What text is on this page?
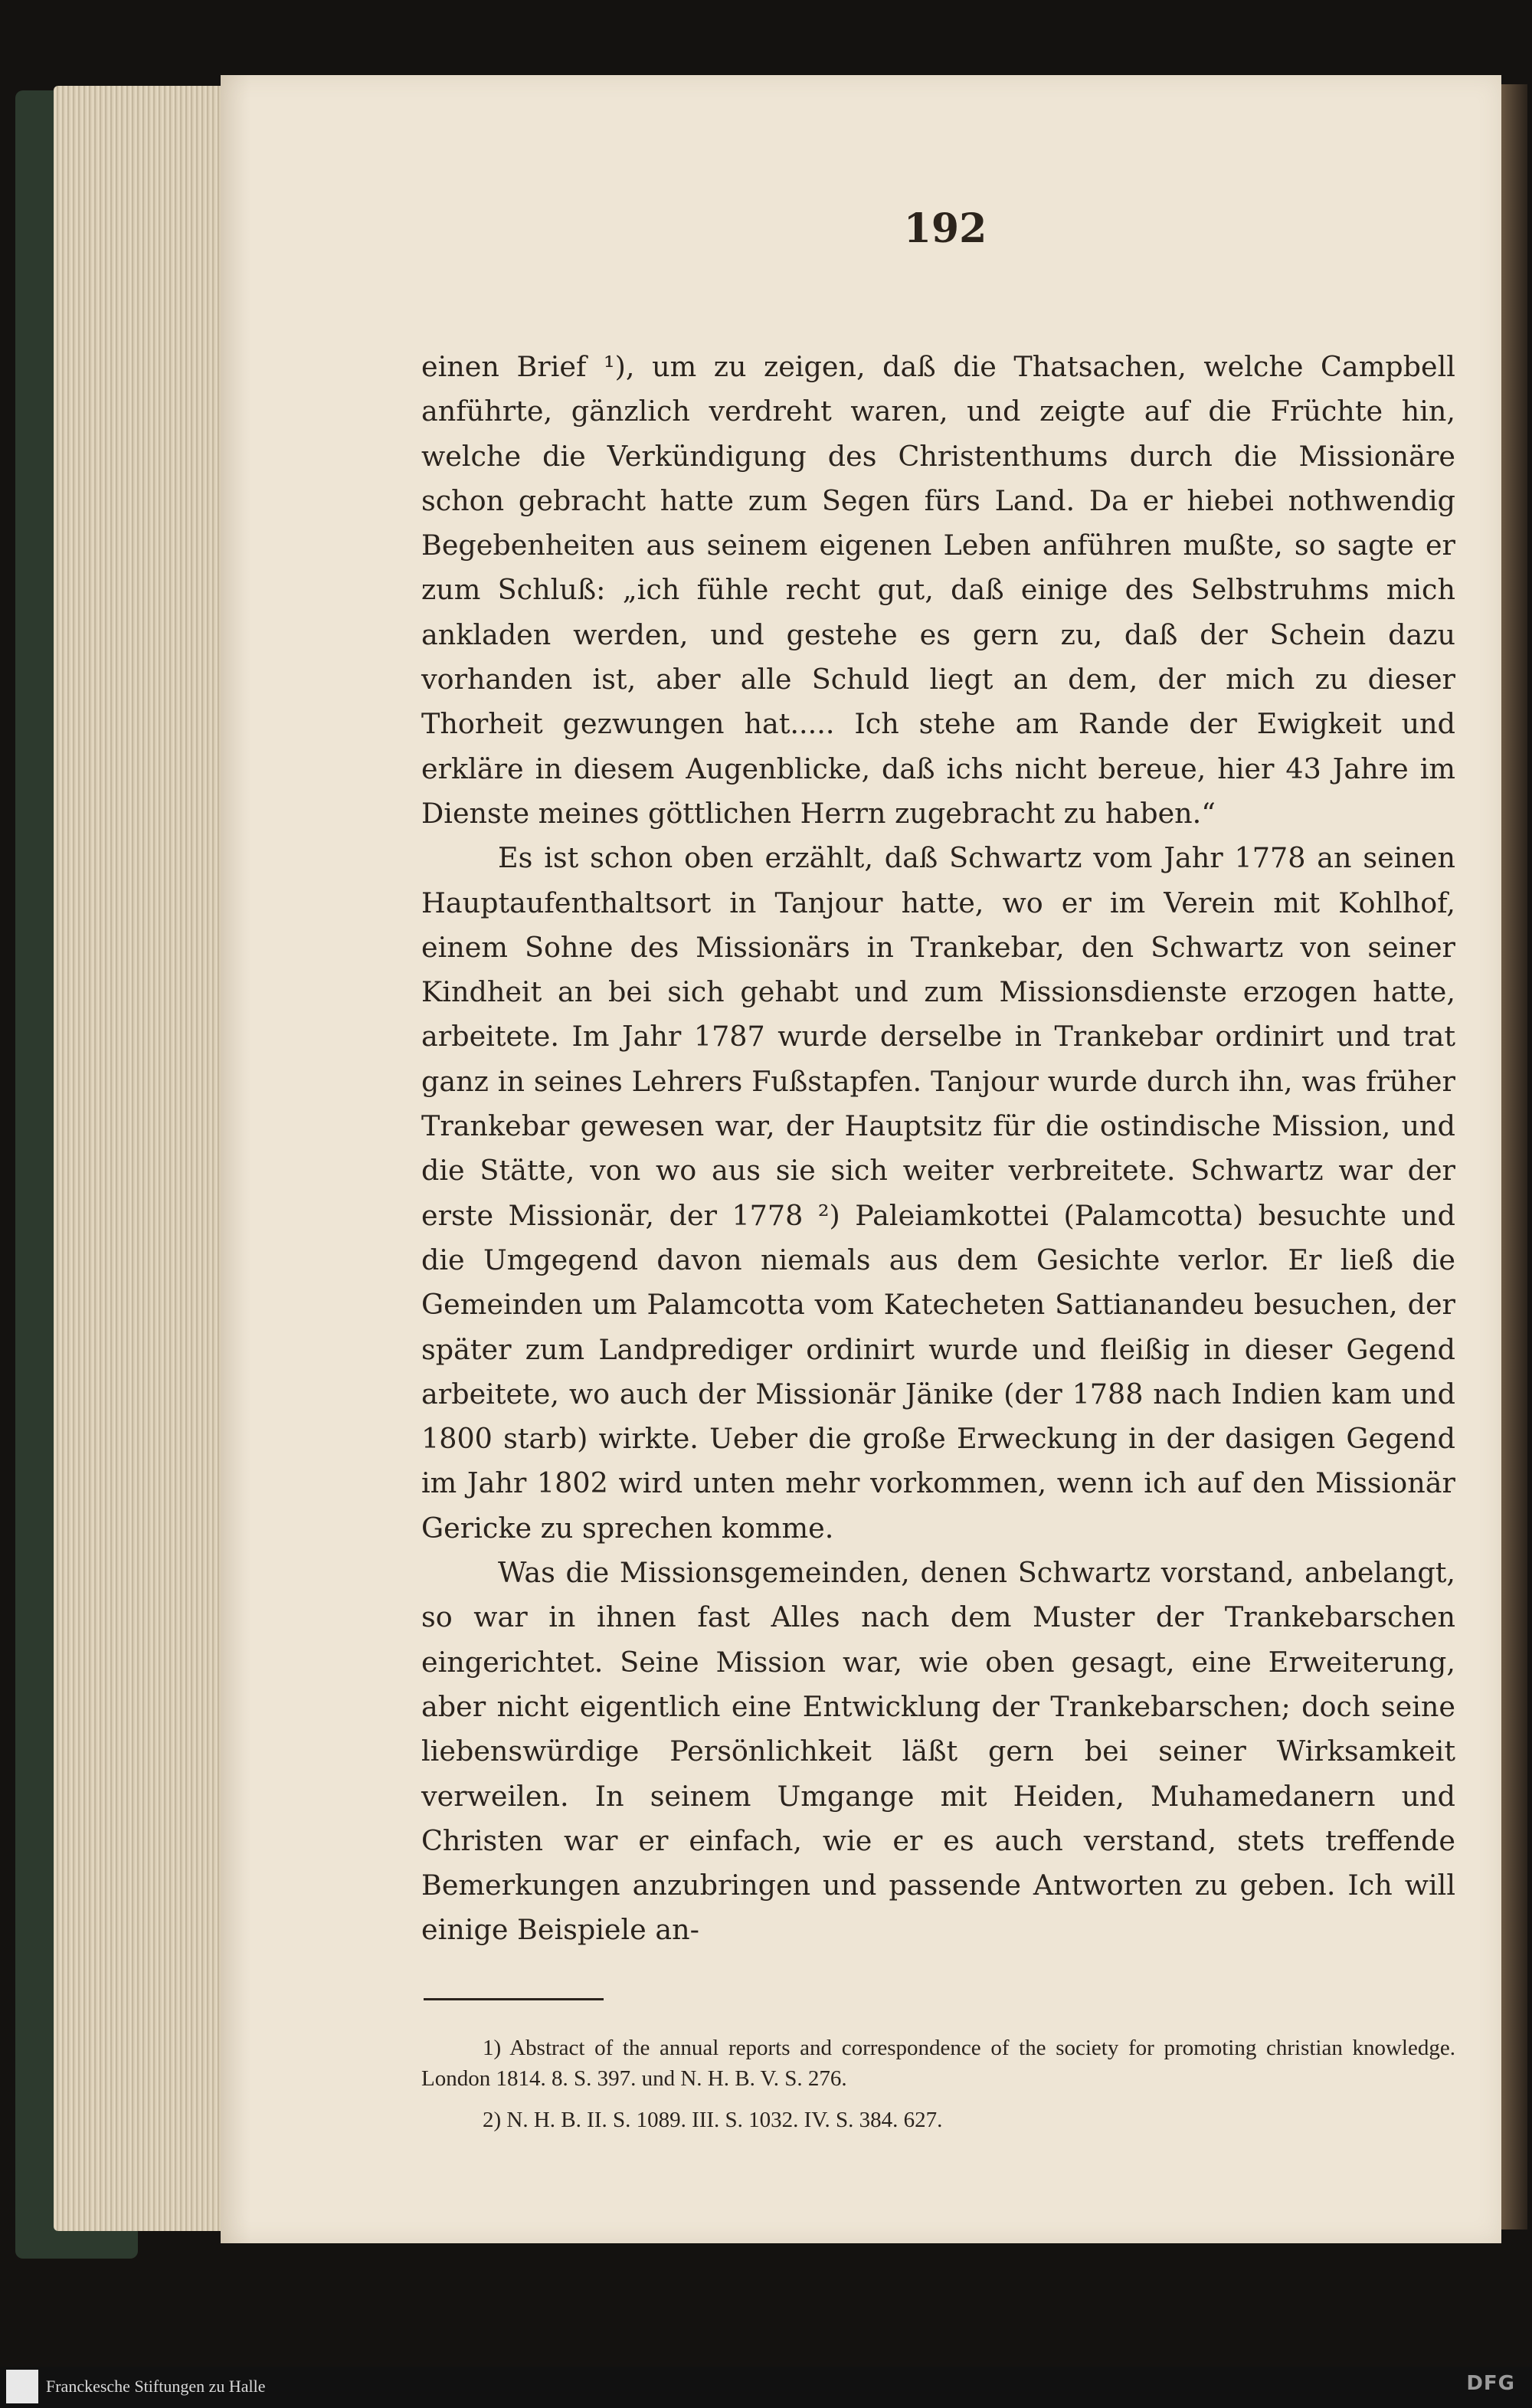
192

einen Brief ¹), um zu zeigen, daß die Thatsachen, welche Campbell anführte, gänzlich verdreht waren, und zeigte auf die Früchte hin, welche die Verkündigung des Christenthums durch die Missionäre schon gebracht hatte zum Segen fürs Land. Da er hiebei nothwendig Begebenheiten aus seinem eigenen Leben anführen mußte, so sagte er zum Schluß: „ich fühle recht gut, daß einige des Selbstruhms mich ankladen werden, und gestehe es gern zu, daß der Schein dazu vorhanden ist, aber alle Schuld liegt an dem, der mich zu dieser Thorheit gezwungen hat..... Ich stehe am Rande der Ewigkeit und erkläre in diesem Augenblicke, daß ichs nicht bereue, hier 43 Jahre im Dienste meines göttlichen Herrn zugebracht zu haben.“

Es ist schon oben erzählt, daß Schwartz vom Jahr 1778 an seinen Hauptaufenthaltsort in Tanjour hatte, wo er im Verein mit Kohlhof, einem Sohne des Missionärs in Trankebar, den Schwartz von seiner Kindheit an bei sich gehabt und zum Missionsdienste erzogen hatte, arbeitete. Im Jahr 1787 wurde derselbe in Trankebar ordinirt und trat ganz in seines Lehrers Fußstapfen. Tanjour wurde durch ihn, was früher Trankebar gewesen war, der Hauptsitz für die ostindische Mission, und die Stätte, von wo aus sie sich weiter verbreitete. Schwartz war der erste Missionär, der 1778 ²) Paleiamkottei (Palamcotta) besuchte und die Umgegend davon niemals aus dem Gesichte verlor. Er ließ die Gemeinden um Palamcotta vom Katecheten Sattianandeu besuchen, der später zum Landprediger ordinirt wurde und fleißig in dieser Gegend arbeitete, wo auch der Missionär Jänike (der 1788 nach Indien kam und 1800 starb) wirkte. Ueber die große Erweckung in der dasigen Gegend im Jahr 1802 wird unten mehr vorkommen, wenn ich auf den Missionär Gericke zu sprechen komme.

Was die Missionsgemeinden, denen Schwartz vorstand, anbelangt, so war in ihnen fast Alles nach dem Muster der Trankebarschen eingerichtet. Seine Mission war, wie oben gesagt, eine Erweiterung, aber nicht eigentlich eine Entwicklung der Trankebarschen; doch seine liebenswürdige Persönlichkeit läßt gern bei seiner Wirksamkeit verweilen. In seinem Umgange mit Heiden, Muhamedanern und Christen war er einfach, wie er es auch verstand, stets treffende Bemerkungen anzubringen und passende Antworten zu geben. Ich will einige Beispiele an-

1) Abstract of the annual reports and correspondence of the society for promoting christian knowledge. London 1814. 8. S. 397. und N. H. B. V. S. 276.

2) N. H. B. II. S. 1089. III. S. 1032. IV. S. 384. 627.

Franckesche Stiftungen zu Halle	DFG
